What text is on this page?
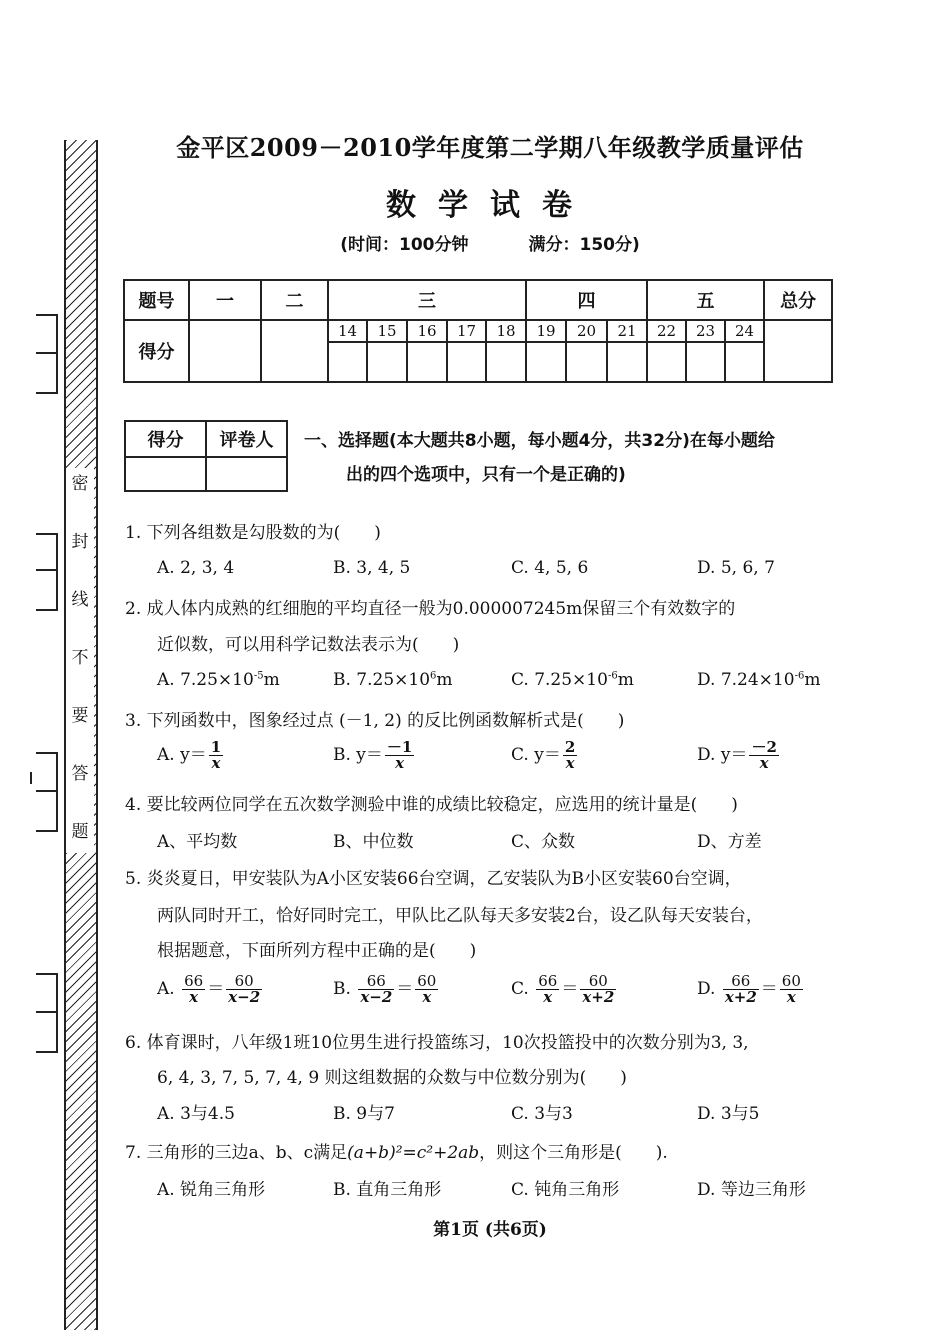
密
封
线
不
要
答
题
金平区2009－2010学年度第二学期八年级教学质量评估
数学试卷
(时间：100分钟	满分：150分)
题号	一	二	三					四			五			总分
得分			14	15	16	17	18	19	20	21	22	23	24	

得分	评卷人
	一、选择题(本大题共8小题，每小题4分，共32分)在每小题给
出的四个选项中，只有一个是正确的)
1. 下列各组数是勾股数的为(　　)
A. 2, 3, 4	B. 3, 4, 5	C. 4, 5, 6	D. 5, 6, 7
2. 成人体内成熟的红细胞的平均直径一般为0.000007245m保留三个有效数字的
近似数，可以用科学记数法表示为(　　)
A. $7.25\times 10^{-5}m$	B. $7.25\times 10^6m$	C. $7.25\times 10^{-6}m$	D. $7.24\times 10^{-6}m$
3. 下列函数中，图象经过点 (－1, 2) 的反比例函数解析式是(　　)
A. $y= \frac{1}{x}$	B. $y= \frac{-1}{x}$	C. $y= \frac{2}{x}$	D. $y= \frac{-2}{x}$
4. 要比较两位同学在五次数学测验中谁的成绩比较稳定，应选用的统计量是(　　)
A、平均数	B、中位数	C、众数	D、方差
5. 炎炎夏日，甲安装队为A小区安装66台空调，乙安装队为B小区安装60台空调，
两队同时开工，恰好同时完工，甲队比乙队每天多安装2台，设乙队每天安装台，
根据题意，下面所列方程中正确的是(　　)
A. $\frac{66}{x} = \frac{60}{x-2}$	B. $\frac{66}{x-2} = \frac{60}{x}$	C. $\frac{66}{x} = \frac{60}{x+2}$	D. $\frac{66}{x+2} = \frac{60}{x}$
6. 体育课时，八年级1班10位男生进行投篮练习，10次投篮投中的次数分别为3, 3,
6, 4, 3, 7, 5, 7, 4, 9 则这组数据的众数与中位数分别为(　　)
A. 3与4.5	B. 9与7	C. 3与3	D. 3与5
7. 三角形的三边a、b、c满足(a+b)²=c²+2ab，则这个三角形是(　　).
A. 锐角三角形	B. 直角三角形	C. 钝角三角形	D. 等边三角形
第1页 (共6页)
